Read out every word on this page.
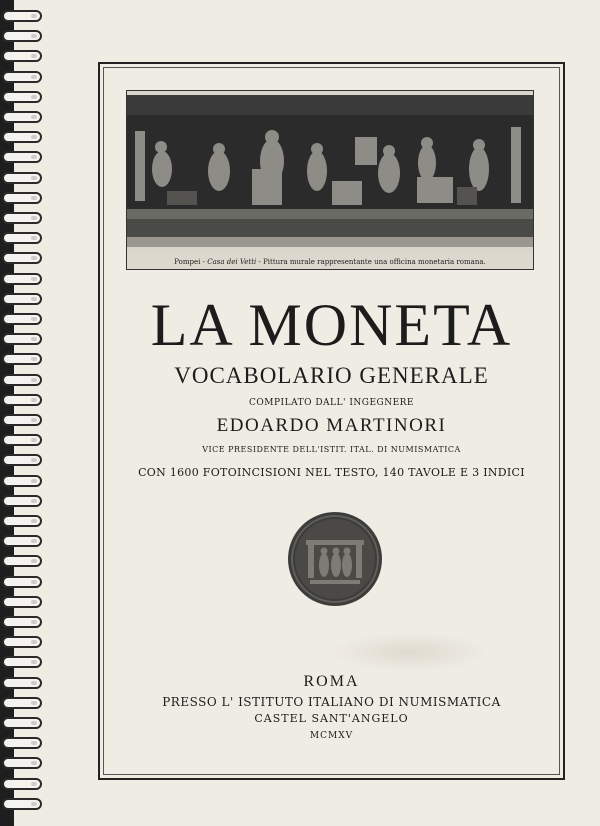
Pompei - Casa dei Vetti - Pittura murale rappresentante una officina monetaria romana.
LA MONETA
VOCABOLARIO GENERALE
COMPILATO DALL' INGEGNERE
EDOARDO MARTINORI
VICE PRESIDENTE DELL'ISTIT. ITAL. DI NUMISMATICA
CON 1600 FOTOINCISIONI NEL TESTO, 140 TAVOLE E 3 INDICI
ROMA
PRESSO L' ISTITUTO ITALIANO DI NUMISMATICA
CASTEL SANT'ANGELO
MCMXV
